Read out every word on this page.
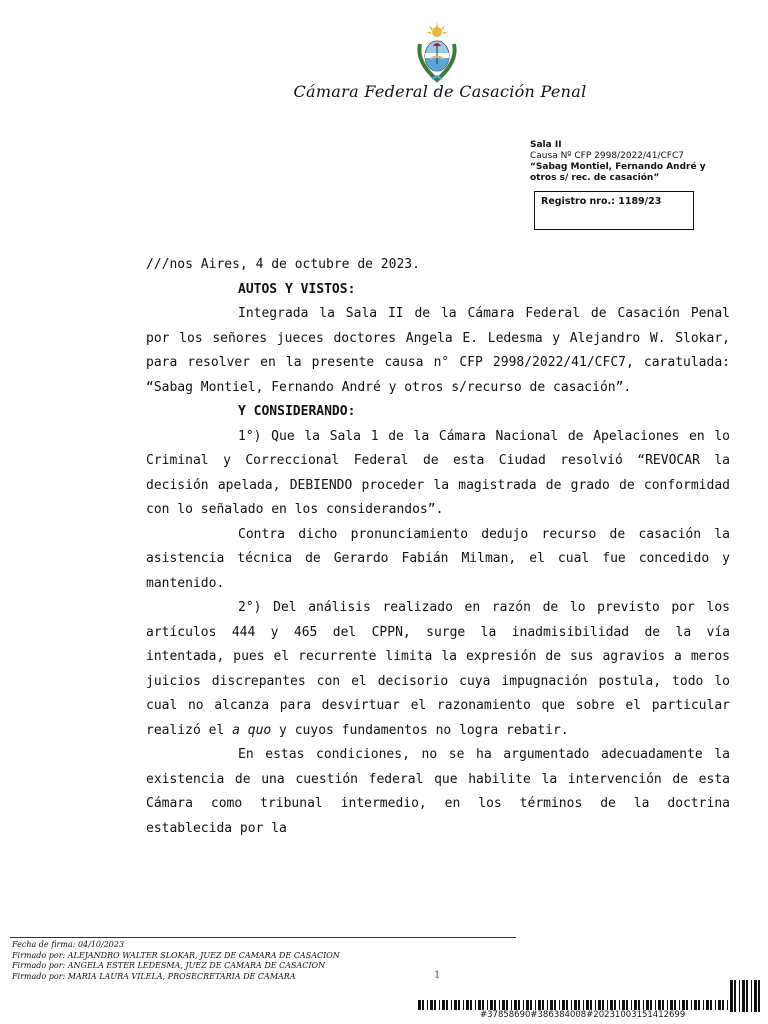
Cámara Federal de Casación Penal
Sala II
Causa Nº CFP 2998/2022/41/CFC7
“Sabag Montiel, Fernando André y otros s/ rec. de casación”
Registro nro.: 1189/23

///nos Aires, 4 de octubre de 2023.

AUTOS Y VISTOS:

Integrada la Sala II de la Cámara Federal de Casación Penal por los señores jueces doctores Angela E. Ledesma y Alejandro W. Slokar, para resolver en la presente causa n° CFP 2998/2022/41/CFC7, caratulada: “Sabag Montiel, Fernando André y otros s/recurso de casación”.

Y CONSIDERANDO:

1°) Que la Sala 1 de la Cámara Nacional de Apelaciones en lo Criminal y Correccional Federal de esta Ciudad resolvió “REVOCAR la decisión apelada, DEBIENDO proceder la magistrada de grado de conformidad con lo señalado en los considerandos”.

Contra dicho pronunciamiento dedujo recurso de casación la asistencia técnica de Gerardo Fabián Milman, el cual fue concedido y mantenido.

2°) Del análisis realizado en razón de lo previsto por los artículos 444 y 465 del CPPN, surge la inadmisibilidad de la vía intentada, pues el recurrente limita la expresión de sus agravios a meros juicios discrepantes con el decisorio cuya impugnación postula, todo lo cual no alcanza para desvirtuar el razonamiento que sobre el particular realizó el a quo y cuyos fundamentos no logra rebatir.

En estas condiciones, no se ha argumentado adecuadamente la existencia de una cuestión federal que habilite la intervención de esta Cámara como tribunal intermedio, en los términos de la doctrina establecida por la

Fecha de firma: 04/10/2023
Firmado por: ALEJANDRO WALTER SLOKAR, JUEZ DE CAMARA DE CASACION
Firmado por: ANGELA ESTER LEDESMA, JUEZ DE CAMARA DE CASACION
Firmado por: MARIA LAURA VILELA, PROSECRETARIA DE CAMARA	1
#37858690#386384008#20231003151412699
